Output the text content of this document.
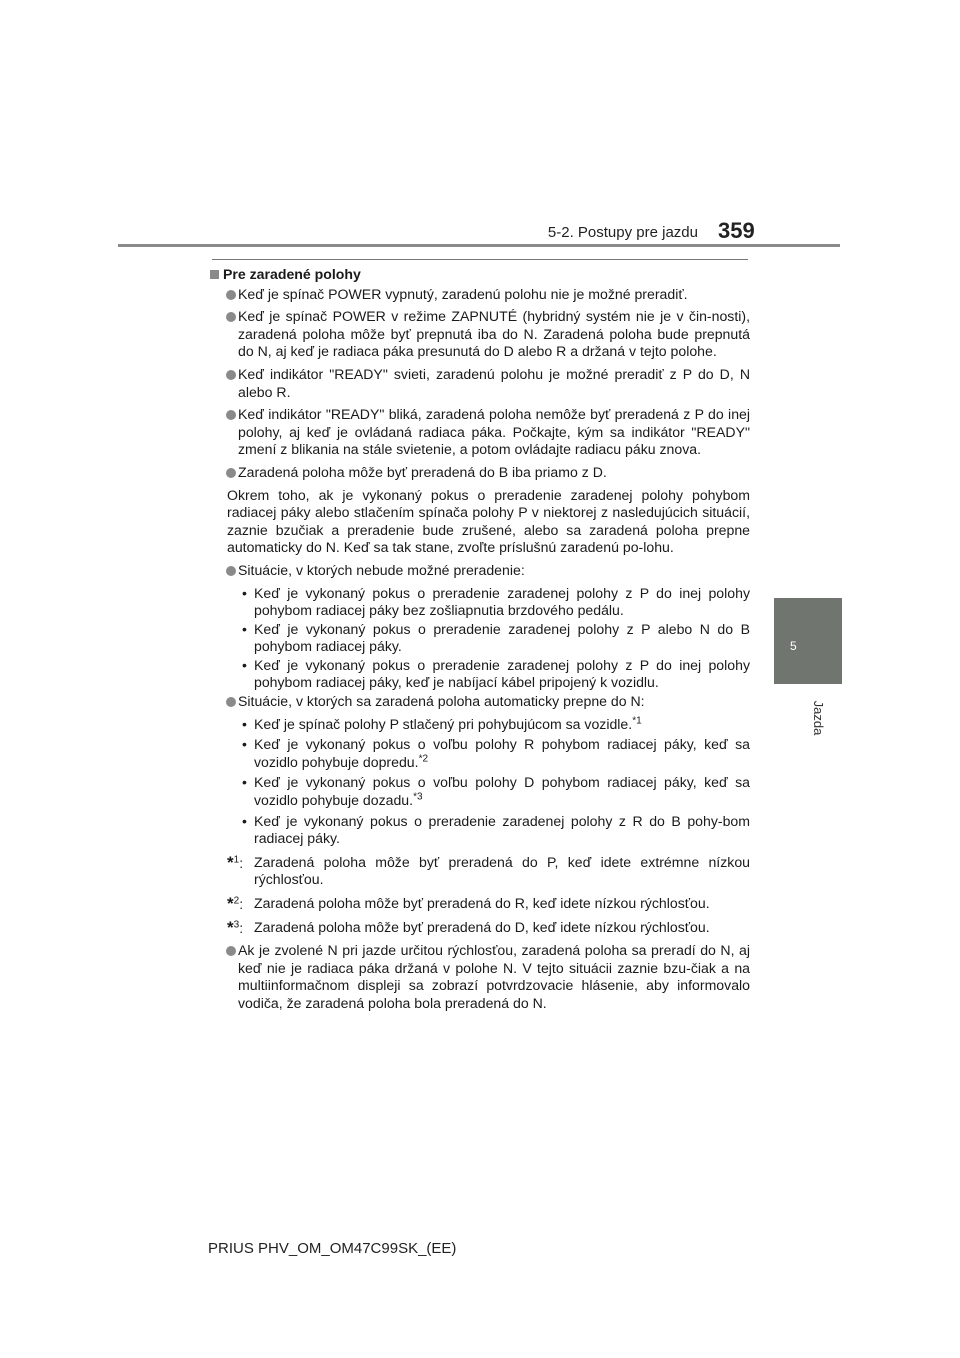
5-2. Postupy pre jazdu 359
5
Jazda

Pre zaradené polohy

Keď je spínač POWER vypnutý, zaradenú polohu nie je možné preradiť.

Keď je spínač POWER v režime ZAPNUTÉ (hybridný systém nie je v čin-nosti), zaradená poloha môže byť prepnutá iba do N. Zaradená poloha bude prepnutá do N, aj keď je radiaca páka presunutá do D alebo R a držaná v tejto polohe.

Keď indikátor "READY" svieti, zaradenú polohu je možné preradiť z P do D, N alebo R.

Keď indikátor "READY" bliká, zaradená poloha nemôže byť preradená z P do inej polohy, aj keď je ovládaná radiaca páka. Počkajte, kým sa indikátor "READY" zmení z blikania na stále svietenie, a potom ovládajte radiacu páku znova.

Zaradená poloha môže byť preradená do B iba priamo z D.

Okrem toho, ak je vykonaný pokus o preradenie zaradenej polohy pohybom radiacej páky alebo stlačením spínača polohy P v niektorej z nasledujúcich situácií, zaznie bzučiak a preradenie bude zrušené, alebo sa zaradená poloha prepne automaticky do N. Keď sa tak stane, zvoľte príslušnú zaradenú po-lohu.

Situácie, v ktorých nebude možné preradenie:

• Keď je vykonaný pokus o preradenie zaradenej polohy z P do inej polohy pohybom radiacej páky bez zošliapnutia brzdového pedálu.

• Keď je vykonaný pokus o preradenie zaradenej polohy z P alebo N do B pohybom radiacej páky.

• Keď je vykonaný pokus o preradenie zaradenej polohy z P do inej polohy pohybom radiacej páky, keď je nabíjací kábel pripojený k vozidlu.

Situácie, v ktorých sa zaradená poloha automaticky prepne do N:

• Keď je spínač polohy P stlačený pri pohybujúcom sa vozidle.$^{*1}$

• Keď je vykonaný pokus o voľbu polohy R pohybom radiacej páky, keď sa vozidlo pohybuje dopredu.$^{*2}$

• Keď je vykonaný pokus o voľbu polohy D pohybom radiacej páky, keď sa vozidlo pohybuje dozadu.$^{*3}$

• Keď je vykonaný pokus o preradenie zaradenej polohy z R do B pohy-bom radiacej páky.

*$^1$: Zaradená poloha môže byť preradená do P, keď idete extrémne nízkou rýchlosťou.

*$^2$: Zaradená poloha môže byť preradená do R, keď idete nízkou rýchlosťou.

*$^3$: Zaradená poloha môže byť preradená do D, keď idete nízkou rýchlosťou.

Ak je zvolené N pri jazde určitou rýchlosťou, zaradená poloha sa preradí do N, aj keď nie je radiaca páka držaná v polohe N. V tejto situácii zaznie bzu-čiak a na multiinformačnom displeji sa zobrazí potvrdzovacie hlásenie, aby informovalo vodiča, že zaradená poloha bola preradená do N.

PRIUS PHV_OM_OM47C99SK_(EE)
